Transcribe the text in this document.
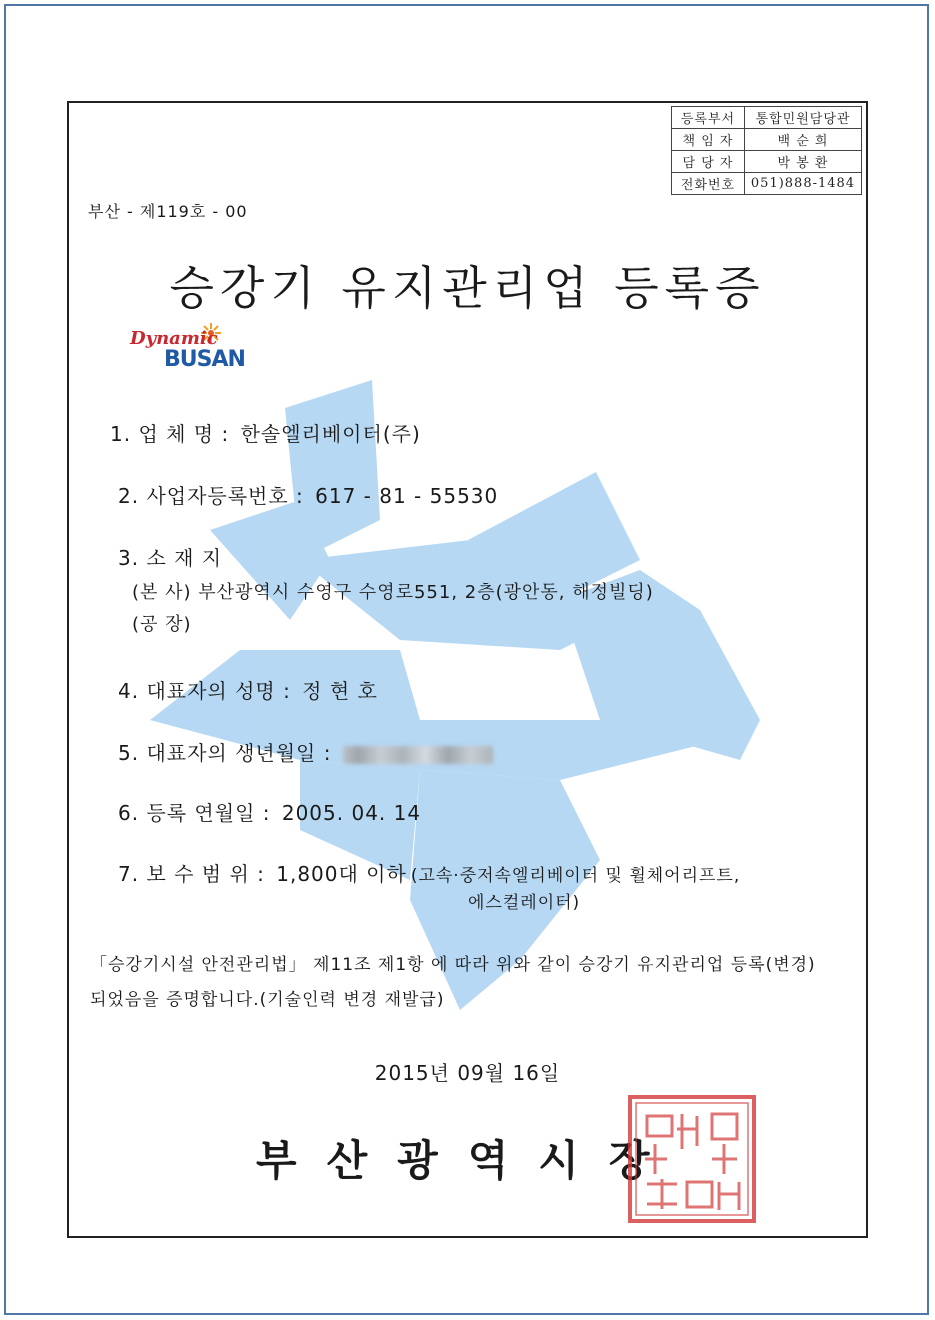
등록부서	통합민원담당관
책 임 자	백 순 희
담 당 자	박 봉 환
전화번호	051)888-1484
부산 - 제119호 - 00
승강기 유지관리업 등록증
Dynamic
BUSAN
1. 업 체 명 : 한솔엘리베이터(주)
2. 사업자등록번호 : 617 - 81 - 55530
3. 소 재 지
(본 사) 부산광역시 수영구 수영로551, 2층(광안동, 해정빌딩)
(공 장)
4. 대표자의 성명 : 정 현 호
5. 대표자의 생년월일 :
6. 등록 연월일 : 2005. 04. 14
7. 보 수 범 위 : 1,800대 이하 (고속·중저속엘리베이터 및 휠체어리프트,
에스컬레이터)
「승강기시설 안전관리법」 제11조 제1항 에 따라 위와 같이 승강기 유지관리업 등록(변경)
되었음을 증명합니다.(기술인력 변경 재발급)
2015년 09월 16일
부산광역시장
